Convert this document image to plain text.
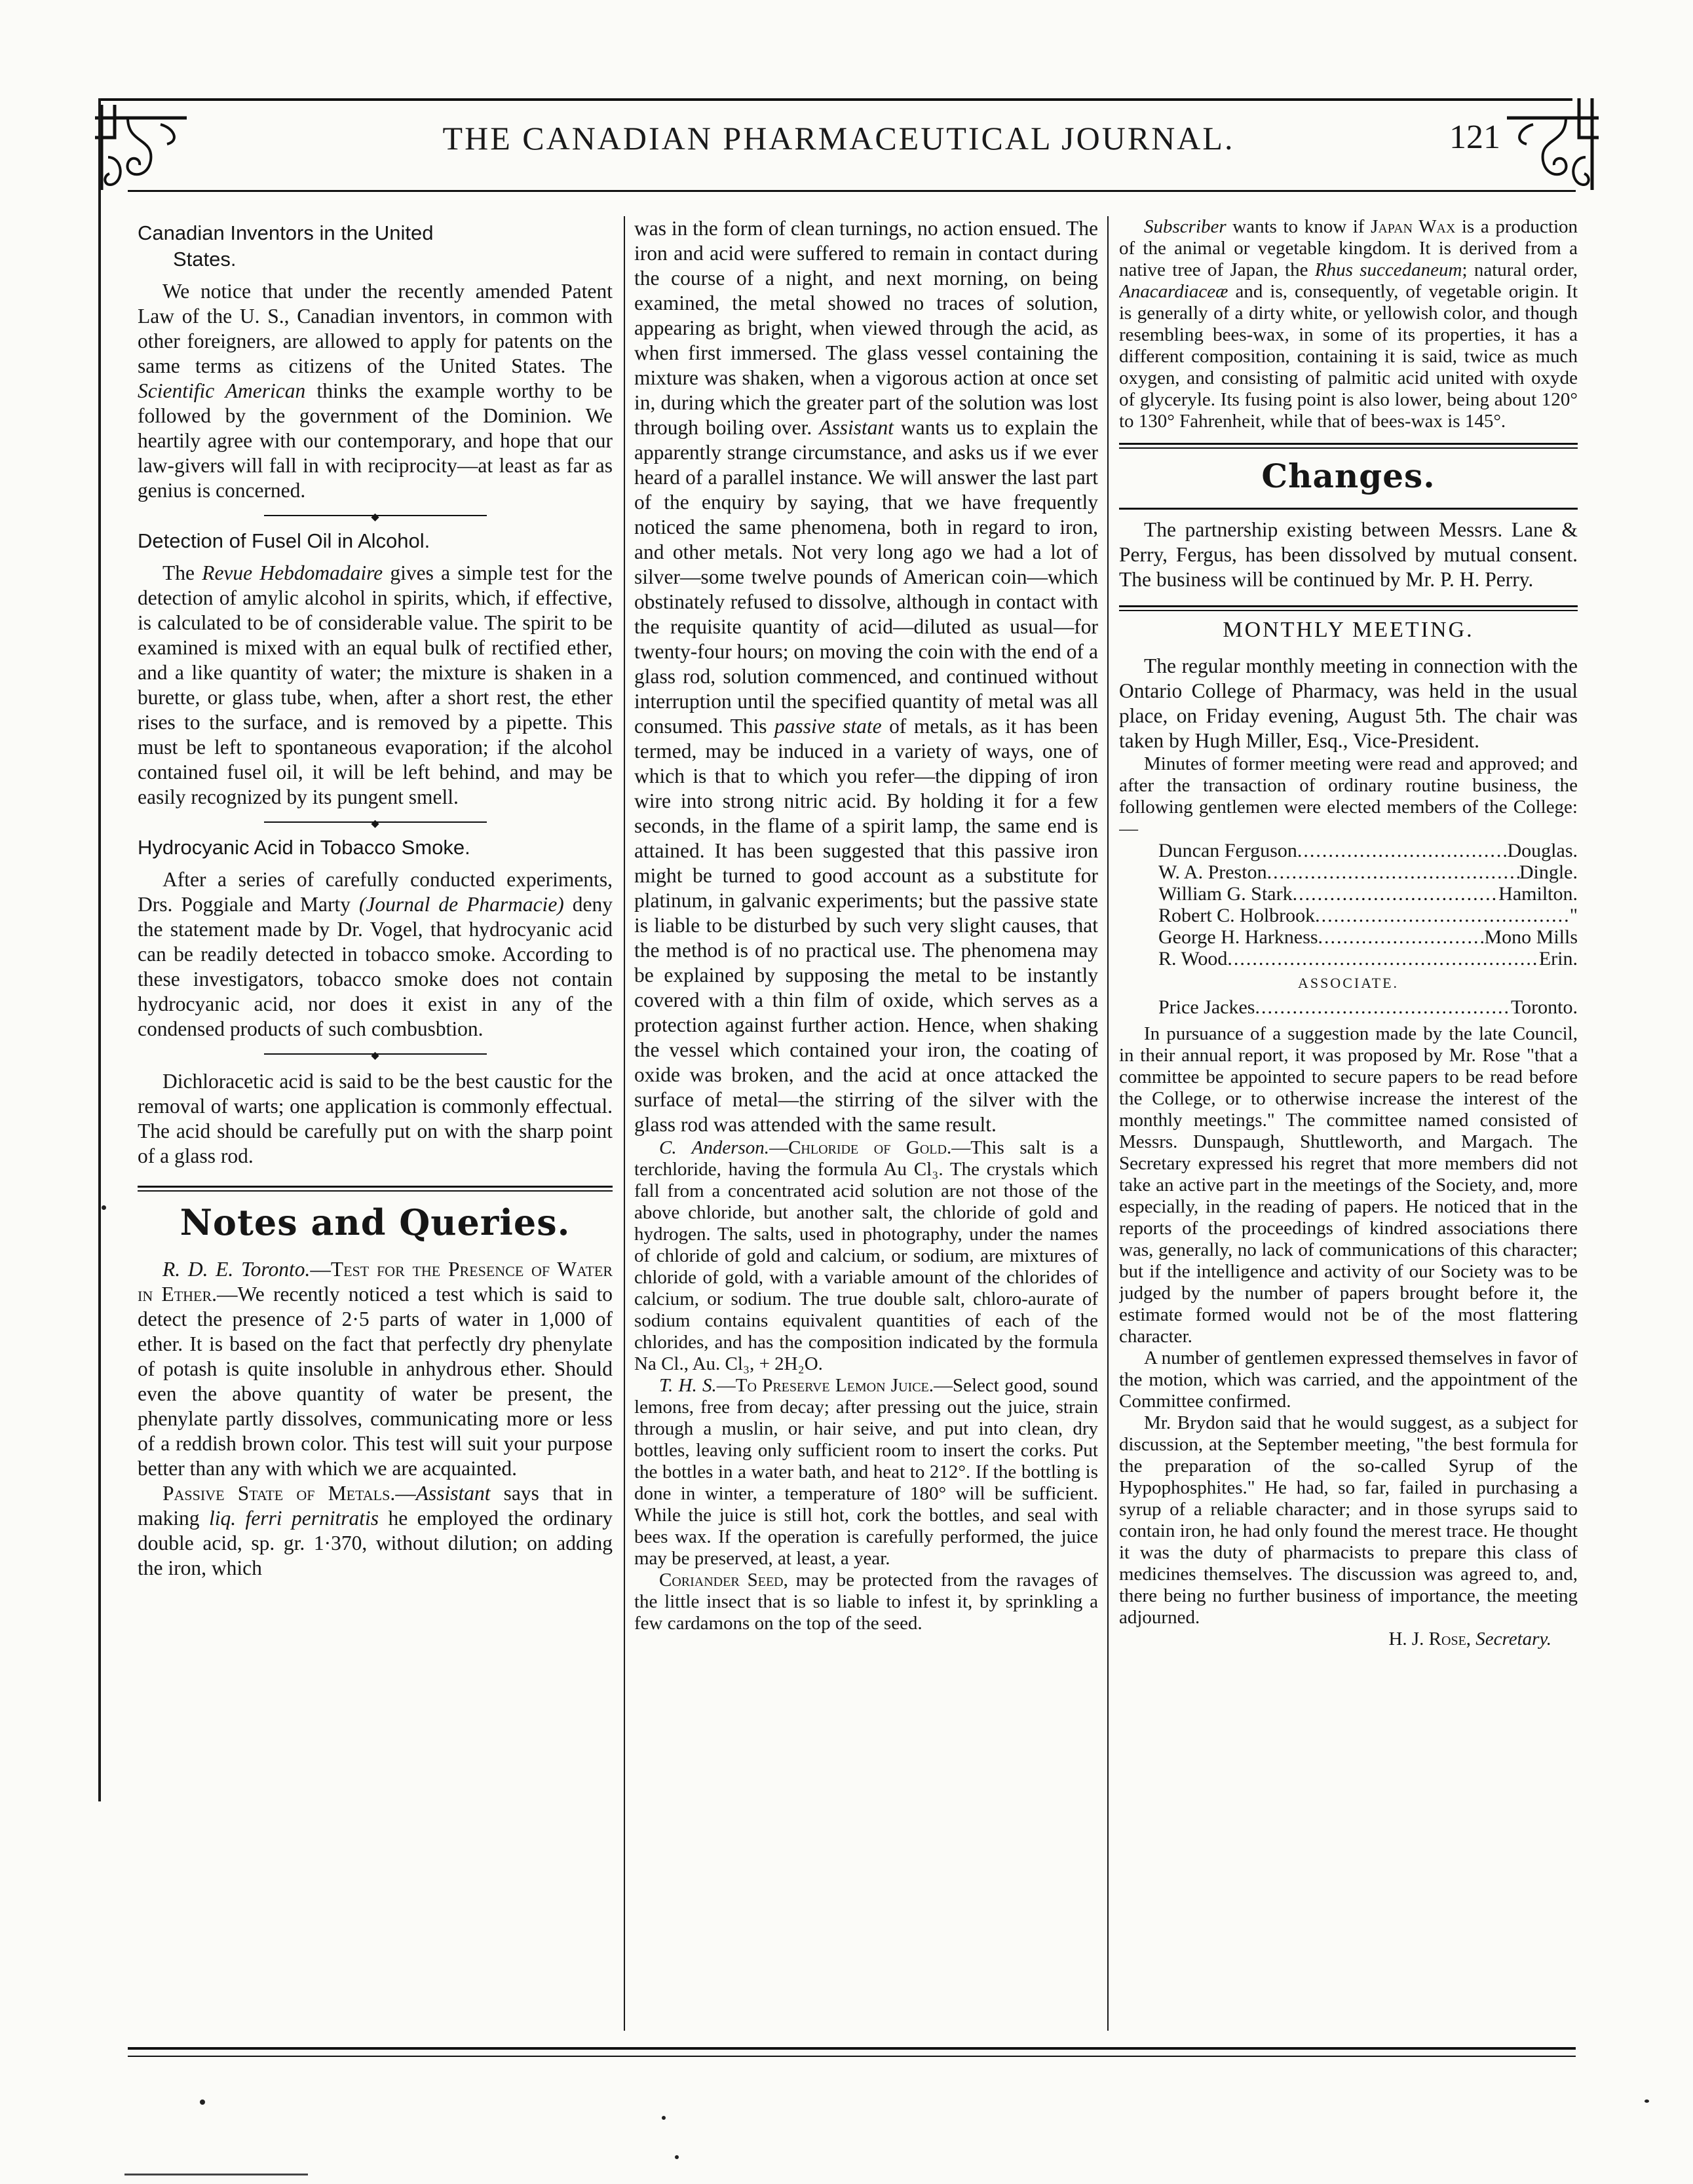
THE CANADIAN PHARMACEUTICAL JOURNAL.	121
Canadian Inventors in the United
States.

We notice that under the recently amended Patent Law of the U. S., Canadian inventors, in common with other foreigners, are allowed to apply for patents on the same terms as citizens of the United States. The Scientific American thinks the example worthy to be followed by the government of the Dominion. We heartily agree with our contemporary, and hope that our law-givers will fall in with reciprocity—at least as far as genius is concerned.

◆
Detection of Fusel Oil in Alcohol.

The Revue Hebdomadaire gives a simple test for the detection of amylic alcohol in spirits, which, if effective, is calculated to be of considerable value. The spirit to be examined is mixed with an equal bulk of rectified ether, and a like quantity of water; the mixture is shaken in a burette, or glass tube, when, after a short rest, the ether rises to the surface, and is removed by a pipette. This must be left to spontaneous evaporation; if the alcohol contained fusel oil, it will be left behind, and may be easily recognized by its pungent smell.

◆
Hydrocyanic Acid in Tobacco Smoke.

After a series of carefully conducted experiments, Drs. Poggiale and Marty (Journal de Pharmacie) deny the statement made by Dr. Vogel, that hydrocyanic acid can be readily detected in tobacco smoke. According to these investigators, tobacco smoke does not contain hydrocyanic acid, nor does it exist in any of the condensed products of such combusbtion.

◆

Dichloracetic acid is said to be the best caustic for the removal of warts; one application is commonly effectual. The acid should be carefully put on with the sharp point of a glass rod.

Notes and Queries.

R. D. E. Toronto.—Test for the Presence of Water in Ether.—We recently noticed a test which is said to detect the presence of 2·5 parts of water in 1,000 of ether. It is based on the fact that perfectly dry phenylate of potash is quite insoluble in anhydrous ether. Should even the above quantity of water be present, the phenylate partly dissolves, communicating more or less of a reddish brown color. This test will suit your purpose better than any with which we are acquainted.

Passive State of Metals.—Assistant says that in making liq. ferri pernitratis he employed the ordinary double acid, sp. gr. 1·370, without dilution; on adding the iron, which

was in the form of clean turnings, no action ensued. The iron and acid were suffered to remain in contact during the course of a night, and next morning, on being examined, the metal showed no traces of solution, appearing as bright, when viewed through the acid, as when first immersed. The glass vessel containing the mixture was shaken, when a vigorous action at once set in, during which the greater part of the solution was lost through boiling over. Assistant wants us to explain the apparently strange circumstance, and asks us if we ever heard of a parallel instance. We will answer the last part of the enquiry by saying, that we have frequently noticed the same phenomena, both in regard to iron, and other metals. Not very long ago we had a lot of silver—some twelve pounds of American coin—which obstinately refused to dissolve, although in contact with the requisite quantity of acid—diluted as usual—for twenty-four hours; on moving the coin with the end of a glass rod, solution commenced, and continued without interruption until the specified quantity of metal was all consumed. This passive state of metals, as it has been termed, may be induced in a variety of ways, one of which is that to which you refer—the dipping of iron wire into strong nitric acid. By holding it for a few seconds, in the flame of a spirit lamp, the same end is attained. It has been suggested that this passive iron might be turned to good account as a substitute for platinum, in galvanic experiments; but the passive state is liable to be disturbed by such very slight causes, that the method is of no practical use. The phenomena may be explained by supposing the metal to be instantly covered with a thin film of oxide, which serves as a protection against further action. Hence, when shaking the vessel which contained your iron, the coating of oxide was broken, and the acid at once attacked the surface of metal—the stirring of the silver with the glass rod was attended with the same result.

C. Anderson.—Chloride of Gold.—This salt is a terchloride, having the formula Au Cl₃. The crystals which fall from a concentrated acid solution are not those of the above chloride, but another salt, the chloride of gold and hydrogen. The salts, used in photography, under the names of chloride of gold and calcium, or sodium, are mixtures of chloride of gold, with a variable amount of the chlorides of calcium, or sodium. The true double salt, chloro-aurate of sodium contains equivalent quantities of each of the chlorides, and has the composition indicated by the formula Na Cl., Au. Cl₃, + 2H₂O.

T. H. S.—To Preserve Lemon Juice.—Select good, sound lemons, free from decay; after pressing out the juice, strain through a muslin, or hair seive, and put into clean, dry bottles, leaving only sufficient room to insert the corks. Put the bottles in a water bath, and heat to 212°. If the bottling is done in winter, a temperature of 180° will be sufficient. While the juice is still hot, cork the bottles, and seal with bees wax. If the operation is carefully performed, the juice may be preserved, at least, a year.

Coriander Seed, may be protected from the ravages of the little insect that is so liable to infest it, by sprinkling a few cardamons on the top of the seed.

Subscriber wants to know if Japan Wax is a production of the animal or vegetable kingdom. It is derived from a native tree of Japan, the Rhus succedaneum; natural order, Anacardiaceæ and is, consequently, of vegetable origin. It is generally of a dirty white, or yellowish color, and though resembling bees-wax, in some of its properties, it has a different composition, containing it is said, twice as much oxygen, and consisting of palmitic acid united with oxyde of glyceryle. Its fusing point is also lower, being about 120° to 130° Fahrenheit, while that of bees-wax is 145°.

Changes.

The partnership existing between Messrs. Lane & Perry, Fergus, has been dissolved by mutual consent. The business will be continued by Mr. P. H. Perry.

MONTHLY MEETING.

The regular monthly meeting in connection with the Ontario College of Pharmacy, was held in the usual place, on Friday evening, August 5th. The chair was taken by Hugh Miller, Esq., Vice-President.

Minutes of former meeting were read and approved; and after the transaction of ordinary routine business, the following gentlemen were elected members of the College:—

Duncan Ferguson .....	Douglas.
W. A. Preston .....	Dingle.
William G. Stark .....	Hamilton.
Robert C. Holbrook .....	"
George H. Harkness .....	Mono Mills
R. Wood .....	Erin.
ASSOCIATE.
Price Jackes .....	Toronto.

In pursuance of a suggestion made by the late Council, in their annual report, it was proposed by Mr. Rose "that a committee be appointed to secure papers to be read before the College, or to otherwise increase the interest of the monthly meetings." The committee named consisted of Messrs. Dunspaugh, Shuttleworth, and Margach. The Secretary expressed his regret that more members did not take an active part in the meetings of the Society, and, more especially, in the reading of papers. He noticed that in the reports of the proceedings of kindred associations there was, generally, no lack of communications of this character; but if the intelligence and activity of our Society was to be judged by the number of papers brought before it, the estimate formed would not be of the most flattering character.

A number of gentlemen expressed themselves in favor of the motion, which was carried, and the appointment of the Committee confirmed.

Mr. Brydon said that he would suggest, as a subject for discussion, at the September meeting, "the best formula for the preparation of the so-called Syrup of the Hypophosphites." He had, so far, failed in purchasing a syrup of a reliable character; and in those syrups said to contain iron, he had only found the merest trace. He thought it was the duty of pharmacists to prepare this class of medicines themselves. The discussion was agreed to, and, there being no further business of importance, the meeting adjourned.

H. J. Rose, Secretary.
